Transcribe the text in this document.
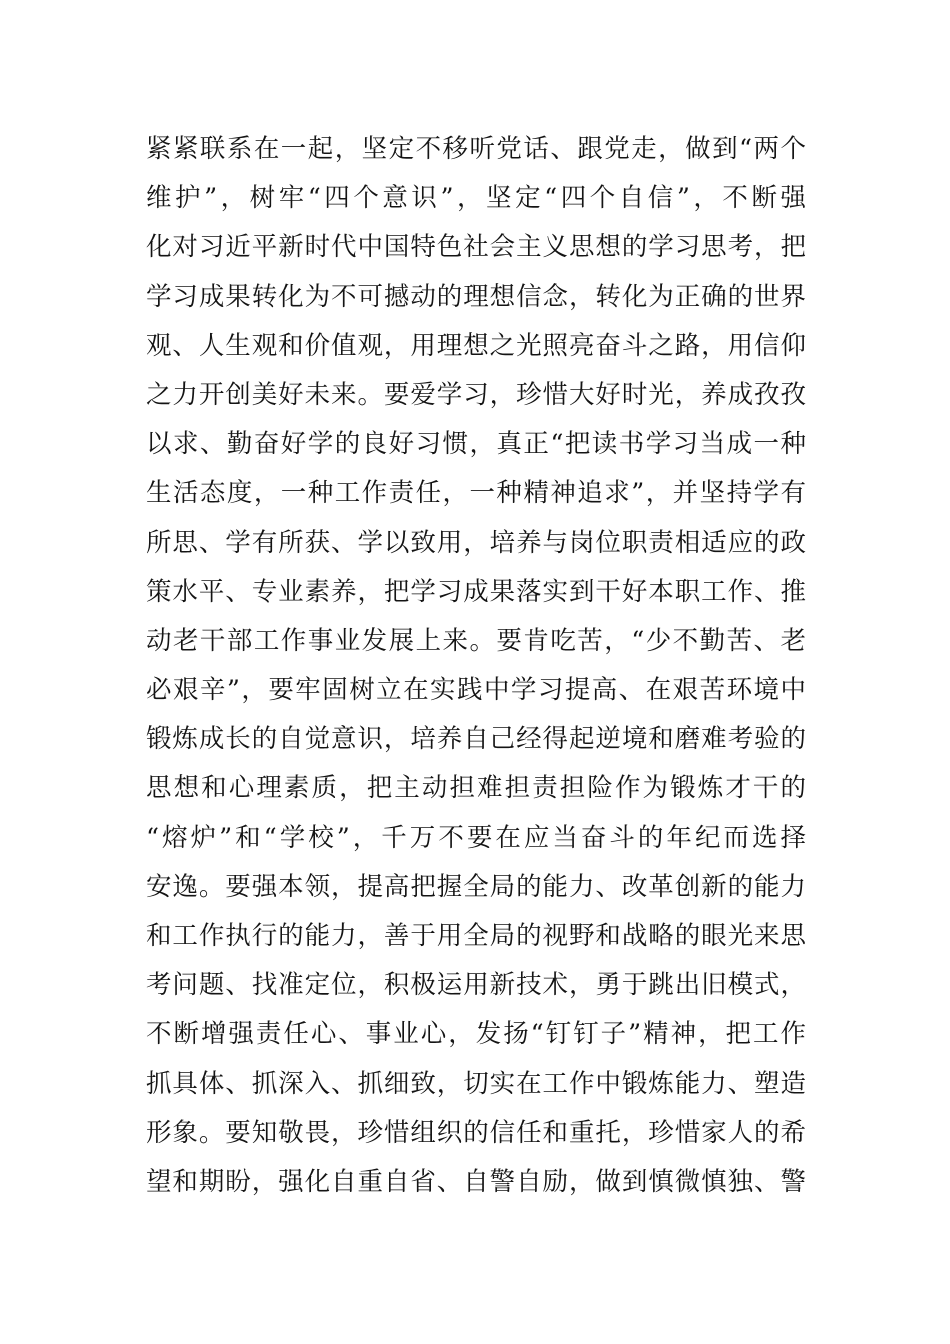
紧紧联系在一起，坚定不移听党话、跟党走，做到“两个
维护”，树牢“四个意识”，坚定“四个自信”，不断强
化对习近平新时代中国特色社会主义思想的学习思考，把
学习成果转化为不可撼动的理想信念，转化为正确的世界
观、人生观和价值观，用理想之光照亮奋斗之路，用信仰
之力开创美好未来。要爱学习，珍惜大好时光，养成孜孜
以求、勤奋好学的良好习惯，真正“把读书学习当成一种
生活态度，一种工作责任，一种精神追求”，并坚持学有
所思、学有所获、学以致用，培养与岗位职责相适应的政
策水平、专业素养，把学习成果落实到干好本职工作、推
动老干部工作事业发展上来。要肯吃苦，“少不勤苦、老
必艰辛”，要牢固树立在实践中学习提高、在艰苦环境中
锻炼成长的自觉意识，培养自己经得起逆境和磨难考验的
思想和心理素质，把主动担难担责担险作为锻炼才干的
“熔炉”和“学校”，千万不要在应当奋斗的年纪而选择
安逸。要强本领，提高把握全局的能力、改革创新的能力
和工作执行的能力，善于用全局的视野和战略的眼光来思
考问题、找准定位，积极运用新技术，勇于跳出旧模式，
不断增强责任心、事业心，发扬“钉钉子”精神，把工作
抓具体、抓深入、抓细致，切实在工作中锻炼能力、塑造
形象。要知敬畏，珍惜组织的信任和重托，珍惜家人的希
望和期盼，强化自重自省、自警自励，做到慎微慎独、警
